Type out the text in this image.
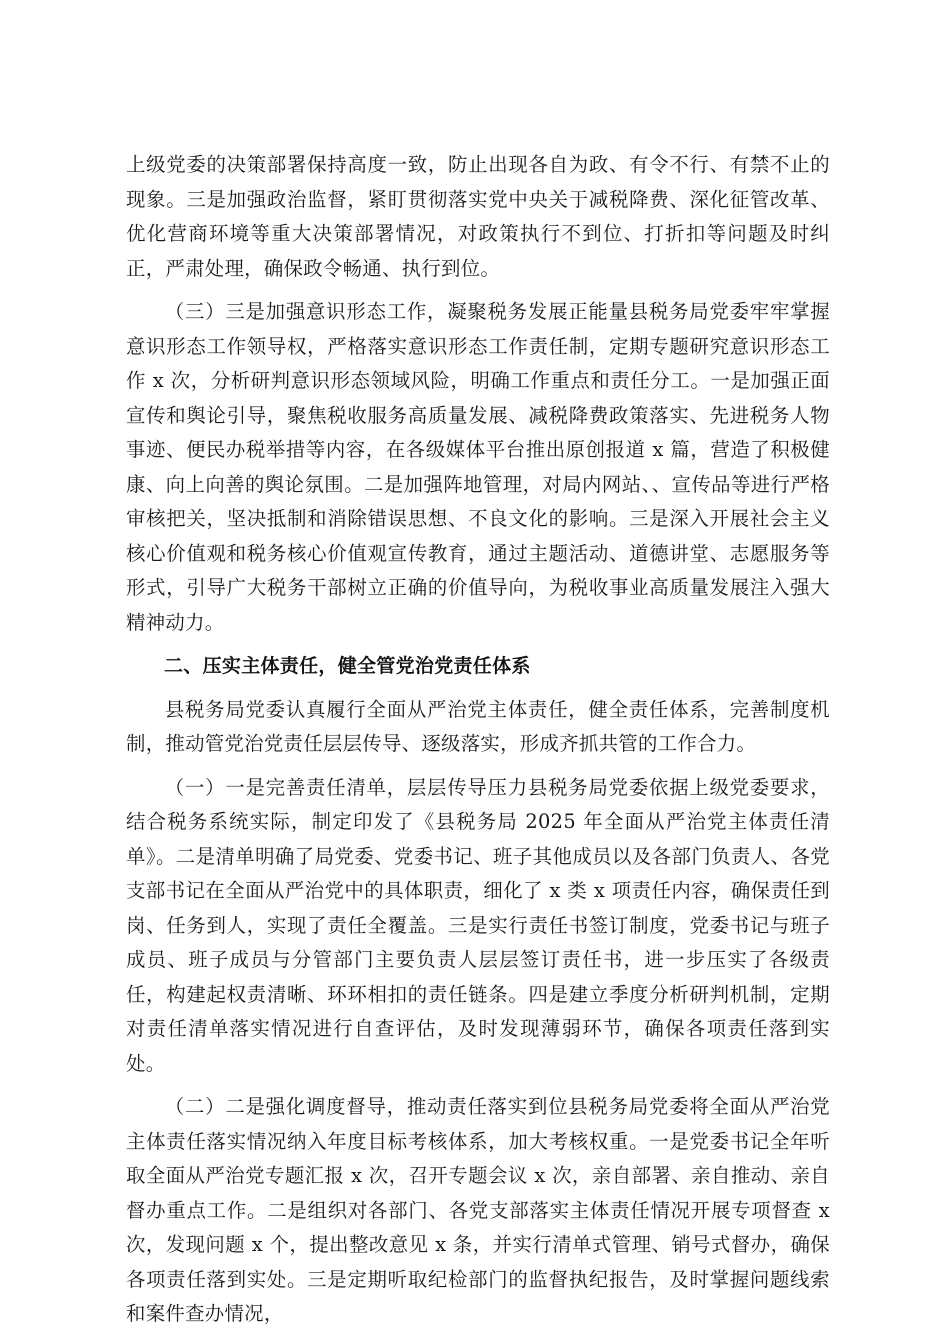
上级党委的决策部署保持高度一致，防止出现各自为政、有令不行、有禁不止的现象。三是加强政治监督，紧盯贯彻落实党中央关于减税降费、深化征管改革、优化营商环境等重大决策部署情况，对政策执行不到位、打折扣等问题及时纠正，严肃处理，确保政令畅通、执行到位。

（三）三是加强意识形态工作，凝聚税务发展正能量县税务局党委牢牢掌握意识形态工作领导权，严格落实意识形态工作责任制，定期专题研究意识形态工作 x 次，分析研判意识形态领域风险，明确工作重点和责任分工。一是加强正面宣传和舆论引导，聚焦税收服务高质量发展、减税降费政策落实、先进税务人物事迹、便民办税举措等内容，在各级媒体平台推出原创报道 x 篇，营造了积极健康、向上向善的舆论氛围。二是加强阵地管理，对局内网站、、宣传品等进行严格审核把关，坚决抵制和消除错误思想、不良文化的影响。三是深入开展社会主义核心价值观和税务核心价值观宣传教育，通过主题活动、道德讲堂、志愿服务等形式，引导广大税务干部树立正确的价值导向，为税收事业高质量发展注入强大精神动力。

二、压实主体责任，健全管党治党责任体系

县税务局党委认真履行全面从严治党主体责任，健全责任体系，完善制度机制，推动管党治党责任层层传导、逐级落实，形成齐抓共管的工作合力。

（一）一是完善责任清单，层层传导压力县税务局党委依据上级党委要求，结合税务系统实际，制定印发了《县税务局 2025 年全面从严治党主体责任清单》。二是清单明确了局党委、党委书记、班子其他成员以及各部门负责人、各党支部书记在全面从严治党中的具体职责，细化了 x 类 x 项责任内容，确保责任到岗、任务到人，实现了责任全覆盖。三是实行责任书签订制度，党委书记与班子成员、班子成员与分管部门主要负责人层层签订责任书，进一步压实了各级责任，构建起权责清晰、环环相扣的责任链条。四是建立季度分析研判机制，定期对责任清单落实情况进行自查评估，及时发现薄弱环节，确保各项责任落到实处。

（二）二是强化调度督导，推动责任落实到位县税务局党委将全面从严治党主体责任落实情况纳入年度目标考核体系，加大考核权重。一是党委书记全年听取全面从严治党专题汇报 x 次，召开专题会议 x 次，亲自部署、亲自推动、亲自督办重点工作。二是组织对各部门、各党支部落实主体责任情况开展专项督查 x 次，发现问题 x 个，提出整改意见 x 条，并实行清单式管理、销号式督办，确保各项责任落到实处。三是定期听取纪检部门的监督执纪报告，及时掌握问题线索和案件查办情况，
